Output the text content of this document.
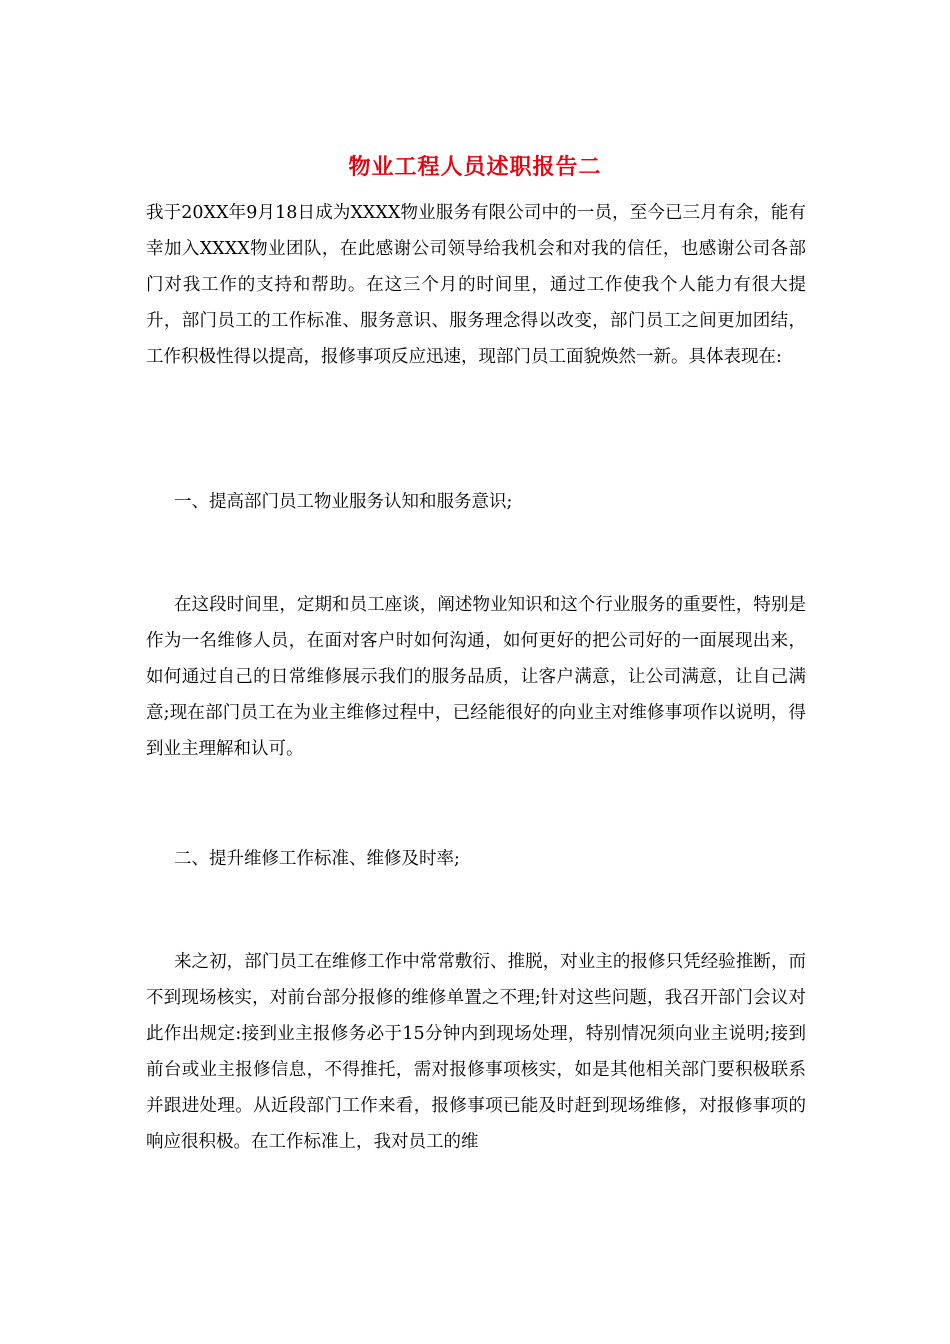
物业工程人员述职报告二

我于20XX年9月18日成为XXXX物业服务有限公司中的一员，至今已三月有余，能有幸加入XXXX物业团队，在此感谢公司领导给我机会和对我的信任，也感谢公司各部门对我工作的支持和帮助。在这三个月的时间里，通过工作使我个人能力有很大提升，部门员工的工作标准、服务意识、服务理念得以改变，部门员工之间更加团结，工作积极性得以提高，报修事项反应迅速，现部门员工面貌焕然一新。具体表现在:

一、提高部门员工物业服务认知和服务意识;

在这段时间里，定期和员工座谈，阐述物业知识和这个行业服务的重要性，特别是作为一名维修人员，在面对客户时如何沟通，如何更好的把公司好的一面展现出来，如何通过自己的日常维修展示我们的服务品质，让客户满意，让公司满意，让自己满意;现在部门员工在为业主维修过程中，已经能很好的向业主对维修事项作以说明，得到业主理解和认可。

二、提升维修工作标准、维修及时率;

来之初，部门员工在维修工作中常常敷衍、推脱，对业主的报修只凭经验推断，而不到现场核实，对前台部分报修的维修单置之不理;针对这些问题，我召开部门会议对此作出规定:接到业主报修务必于15分钟内到现场处理，特别情况须向业主说明;接到前台或业主报修信息，不得推托，需对报修事项核实，如是其他相关部门要积极联系并跟进处理。从近段部门工作来看，报修事项已能及时赶到现场维修，对报修事项的响应很积极。在工作标准上，我对员工的维
